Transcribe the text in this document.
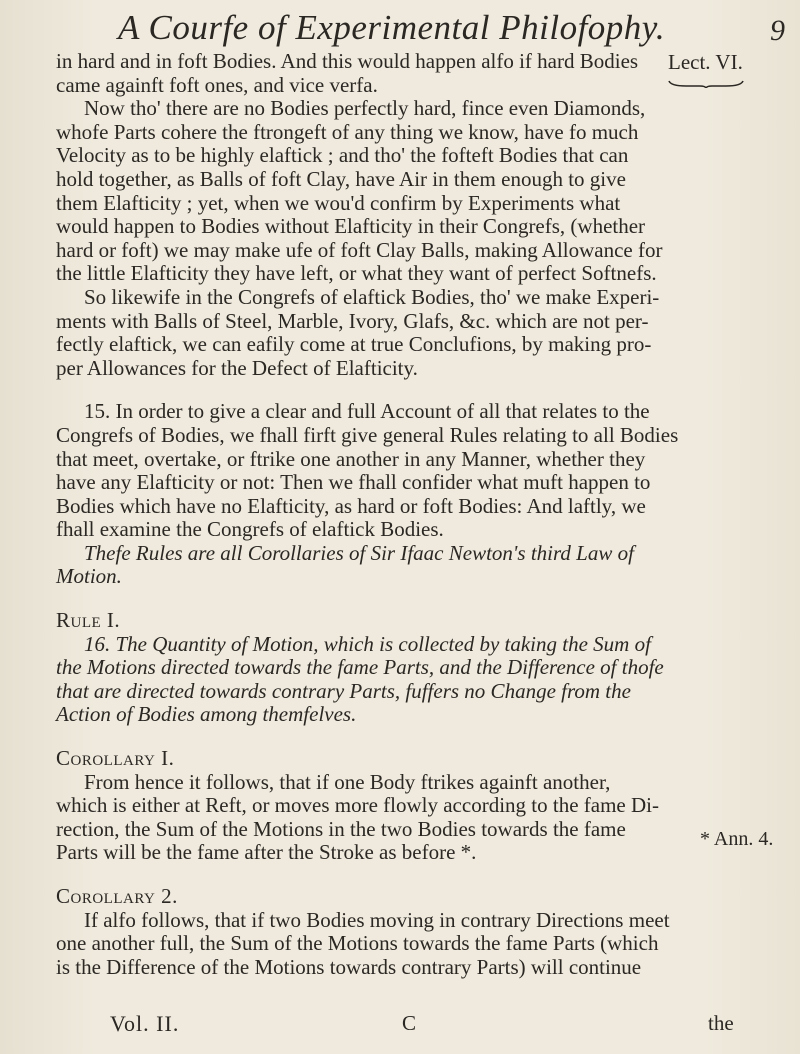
A Courfe of Experimental Philofophy.	9
Lect. VI.

in hard and in foft Bodies. And this would happen alfo if hard Bodies
came againft foft ones, and vice verfa.

Now tho' there are no Bodies perfectly hard, fince even Diamonds,
whofe Parts cohere the ftrongeft of any thing we know, have fo much
Velocity as to be highly elaftick ; and tho' the fofteft Bodies that can
hold together, as Balls of foft Clay, have Air in them enough to give
them Elafticity ; yet, when we wou'd confirm by Experiments what
would happen to Bodies without Elafticity in their Congrefs, (whether
hard or foft) we may make ufe of foft Clay Balls, making Allowance for
the little Elafticity they have left, or what they want of perfect Softnefs.

So likewife in the Congrefs of elaftick Bodies, tho' we make Experi-
ments with Balls of Steel, Marble, Ivory, Glafs, &c. which are not per-
fectly elaftick, we can eafily come at true Conclufions, by making pro-
per Allowances for the Defect of Elafticity.

15. In order to give a clear and full Account of all that relates to the
Congrefs of Bodies, we fhall firft give general Rules relating to all Bodies
that meet, overtake, or ftrike one another in any Manner, whether they
have any Elafticity or not: Then we fhall confider what muft happen to
Bodies which have no Elafticity, as hard or foft Bodies: And laftly, we
fhall examine the Congrefs of elaftick Bodies.

Thefe Rules are all Corollaries of Sir Ifaac Newton's third Law of
Motion.

Rule I.

16. The Quantity of Motion, which is collected by taking the Sum of
the Motions directed towards the fame Parts, and the Difference of thofe
that are directed towards contrary Parts, fuffers no Change from the
Action of Bodies among themfelves.

Corollary I.

From hence it follows, that if one Body ftrikes againft another,
which is either at Reft, or moves more flowly according to the fame Di-
rection, the Sum of the Motions in the two Bodies towards the fame
Parts will be the fame after the Stroke as before *.

Corollary 2.

If alfo follows, that if two Bodies moving in contrary Directions meet
one another full, the Sum of the Motions towards the fame Parts (which
is the Difference of the Motions towards contrary Parts) will continue

* Ann. 4.
Vol. II.	C	the
